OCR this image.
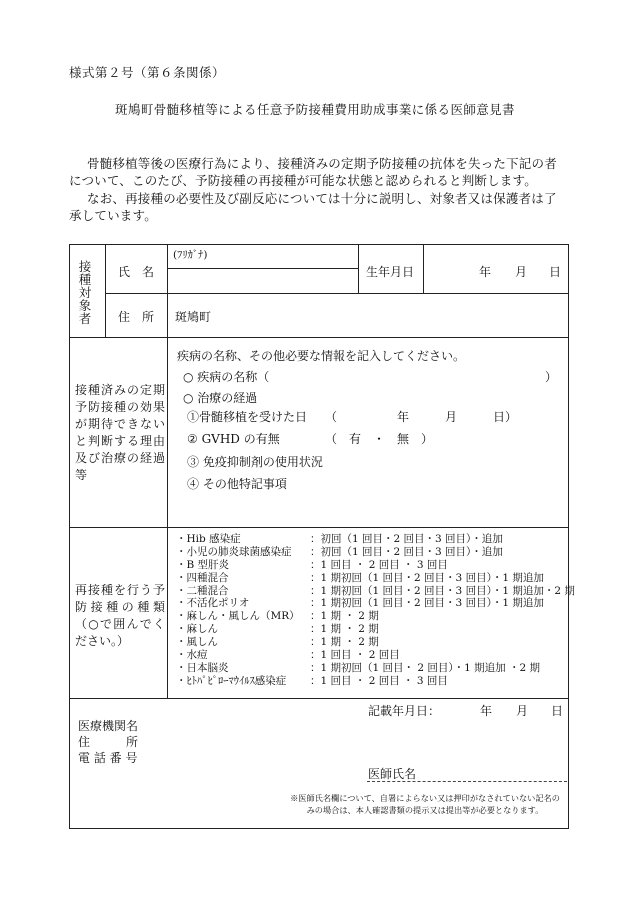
様式第２号（第６条関係）
斑鳩町骨髄移植等による任意予防接種費用助成事業に係る医師意見書
骨髄移植等後の医療行為により、接種済みの定期予防接種の抗体を失った下記の者について、このたび、予防接種の再接種が可能な状態と認められると判断します。
なお、再接種の必要性及び副反応については十分に説明し、対象者又は保護者は了承しています。
接種対象者
氏　名
(ﾌﾘｶﾞﾅ)
生年月日	年 月 日
住　所 斑鳩町
接種済みの定期予防接種の効果が期待できないと判断する理由及び治療の経過等
疾病の名称、その他必要な情報を記入してください。
○ 疾病の名称（	）
○ 治療の経過
①骨髄移植を受けた日 （　　　　　年　　　月　　　日）
② GVHD の有無	（　有　・　無　）
③ 免疫抑制剤の使用状況
④ その他特記事項
再接種を行う予防接種の種類（○で囲んでください。）
・Hib 感染症	：初回（1 回目・2 回目・3 回目）・追加
・小児の肺炎球菌感染症 ：初回（1 回目・2 回目・3 回目）・追加
・B 型肝炎	：1 回目 ・ 2 回目 ・ 3 回目
・四種混合	：1 期初回（1 回目・2 回目・3 回目）・1 期追加
・二種混合	：1 期初回（1 回目・2 回目・3 回目）・1 期追加・2 期
・不活化ポリオ	：1 期初回（1 回目・2 回目・3 回目）・1 期追加
・麻しん・風しん（MR） ：1 期 ・ 2 期
・麻しん	：1 期 ・ 2 期
・風しん	：1 期 ・ 2 期
・水痘	：1 回目 ・ 2 回目
・日本脳炎	：1 期初回（1 回目・ 2 回目）・1 期追加 ・2 期
・ﾋﾄﾊﾟﾋﾟﾛｰﾏｳｲﾙｽ感染症 ：1 回目 ・ 2 回目 ・ 3 回目
記載年月日：	年 月 日
医療機関名
住　　　所
電 話 番 号
医師氏名
※医師氏名欄について、自署によらない又は押印がなされていない記名のみの場合は、本人確認書類の提示又は提出等が必要となります。
